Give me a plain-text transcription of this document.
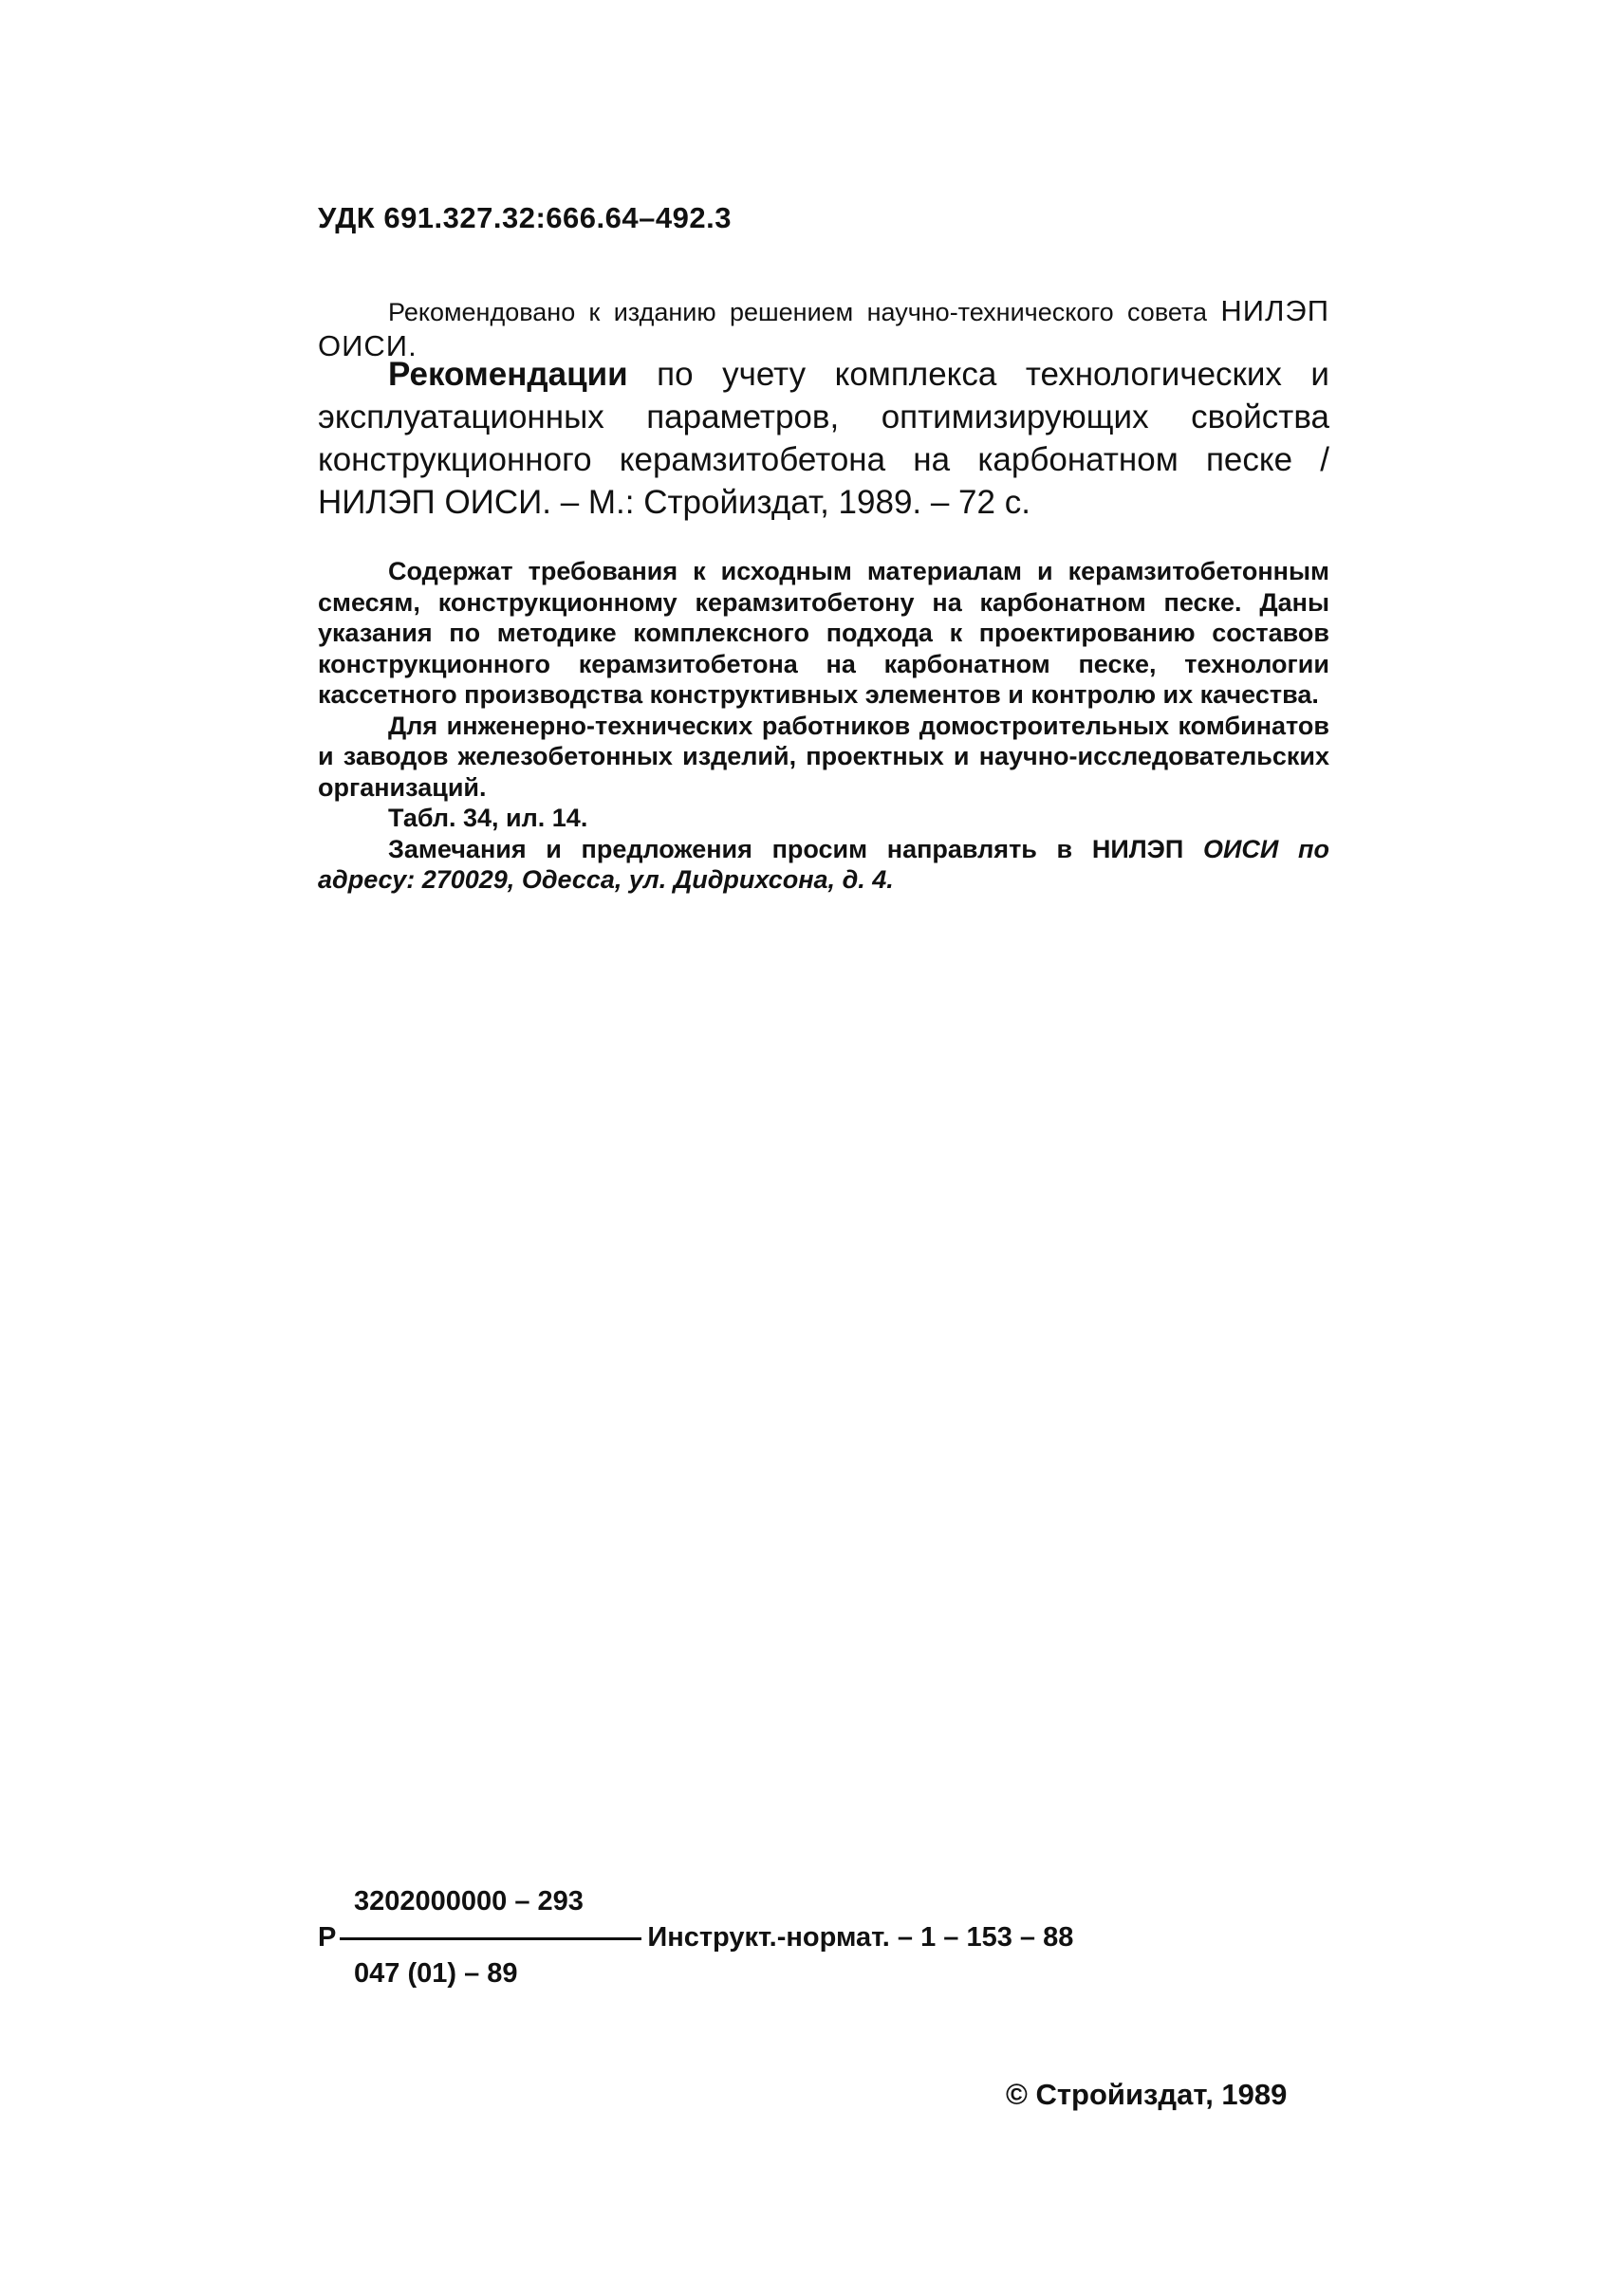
УДК 691.327.32:666.64–492.3
Рекомендовано к изданию решением научно-технического совета НИЛЭП ОИСИ.
Рекомендации по учету комплекса технологических и эксплуатационных параметров, оптимизирующих свойства конструкционного керамзитобетона на карбонатном песке / НИЛЭП ОИСИ. – М.: Стройиздат, 1989. – 72 с.

Содержат требования к исходным материалам и керамзитобетонным смесям, конструкционному керамзитобетону на карбонатном песке. Даны указания по методике комплексного подхода к проектированию составов конструкционного керамзитобетона на карбонатном песке, технологии кассетного производства конструктивных элементов и контролю их качества.

Для инженерно-технических работников домостроительных комбинатов и заводов железобетонных изделий, проектных и научно-исследовательских организаций.

Табл. 34, ил. 14.

Замечания и предложения просим направлять в НИЛЭП ОИСИ по адресу: 270029, Одесса, ул. Дидрихсона, д. 4.

3202000000 – 293
Р	Инструкт.-нормат. – 1 – 153 – 88
047 (01) – 89
© Стройиздат, 1989
